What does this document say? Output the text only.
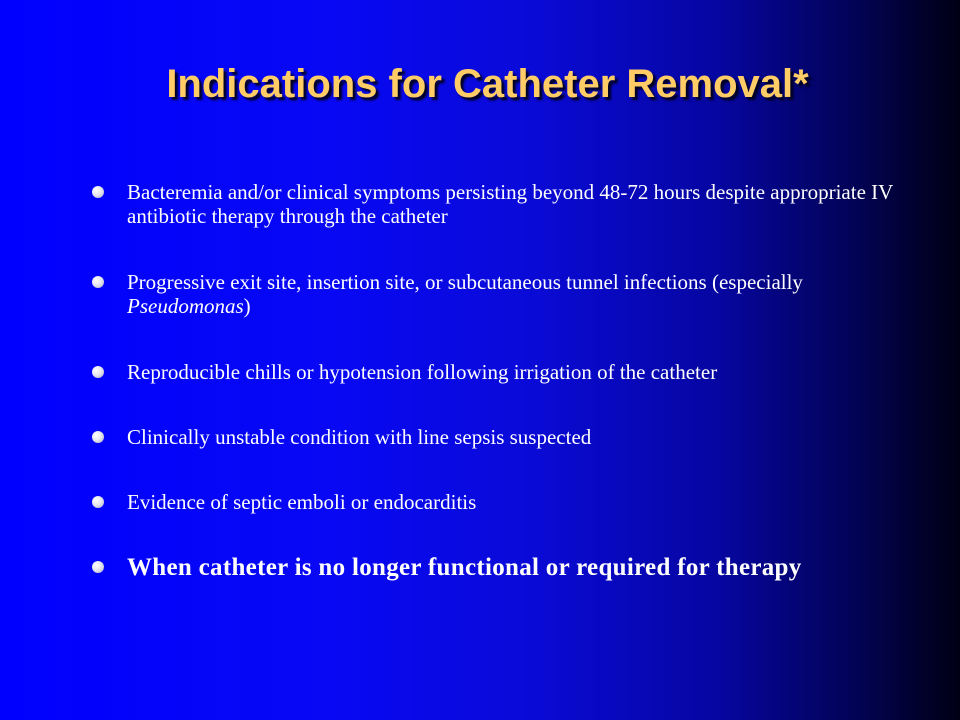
Indications for Catheter Removal*
Bacteremia and/or clinical symptoms persisting beyond 48-72 hours despite appropriate IV antibiotic therapy through the catheter
Progressive exit site, insertion site, or subcutaneous tunnel infections (especially Pseudomonas)
Reproducible chills or hypotension following irrigation of the catheter
Clinically unstable condition with line sepsis suspected
Evidence of septic emboli or endocarditis
When catheter is no longer functional or required for therapy
